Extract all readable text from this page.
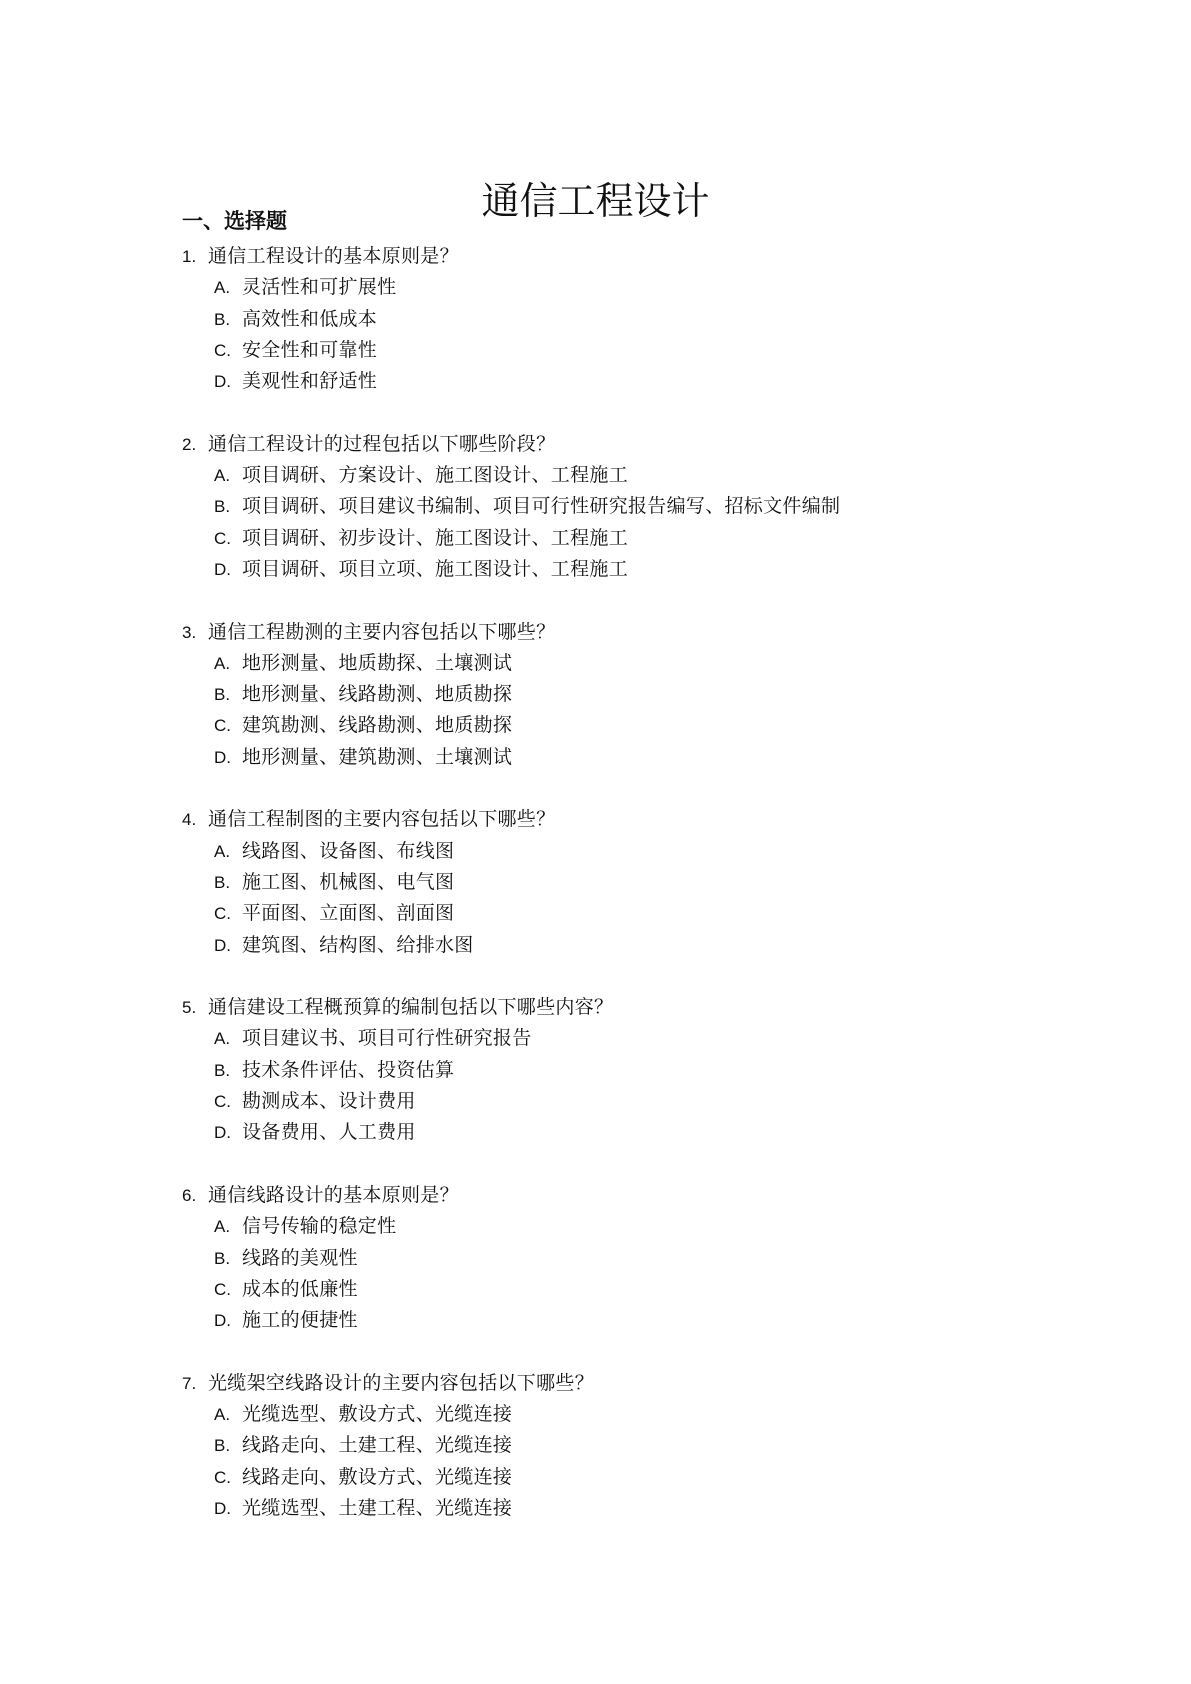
通信工程设计
一、选择题
1. 通信工程设计的基本原则是？
A. 灵活性和可扩展性
B. 高效性和低成本
C. 安全性和可靠性
D. 美观性和舒适性
2. 通信工程设计的过程包括以下哪些阶段？
A. 项目调研、方案设计、施工图设计、工程施工
B. 项目调研、项目建议书编制、项目可行性研究报告编写、招标文件编制
C. 项目调研、初步设计、施工图设计、工程施工
D. 项目调研、项目立项、施工图设计、工程施工
3. 通信工程勘测的主要内容包括以下哪些？
A. 地形测量、地质勘探、土壤测试
B. 地形测量、线路勘测、地质勘探
C. 建筑勘测、线路勘测、地质勘探
D. 地形测量、建筑勘测、土壤测试
4. 通信工程制图的主要内容包括以下哪些？
A. 线路图、设备图、布线图
B. 施工图、机械图、电气图
C. 平面图、立面图、剖面图
D. 建筑图、结构图、给排水图
5. 通信建设工程概预算的编制包括以下哪些内容？
A. 项目建议书、项目可行性研究报告
B. 技术条件评估、投资估算
C. 勘测成本、设计费用
D. 设备费用、人工费用
6. 通信线路设计的基本原则是？
A. 信号传输的稳定性
B. 线路的美观性
C. 成本的低廉性
D. 施工的便捷性
7. 光缆架空线路设计的主要内容包括以下哪些？
A. 光缆选型、敷设方式、光缆连接
B. 线路走向、土建工程、光缆连接
C. 线路走向、敷设方式、光缆连接
D. 光缆选型、土建工程、光缆连接
